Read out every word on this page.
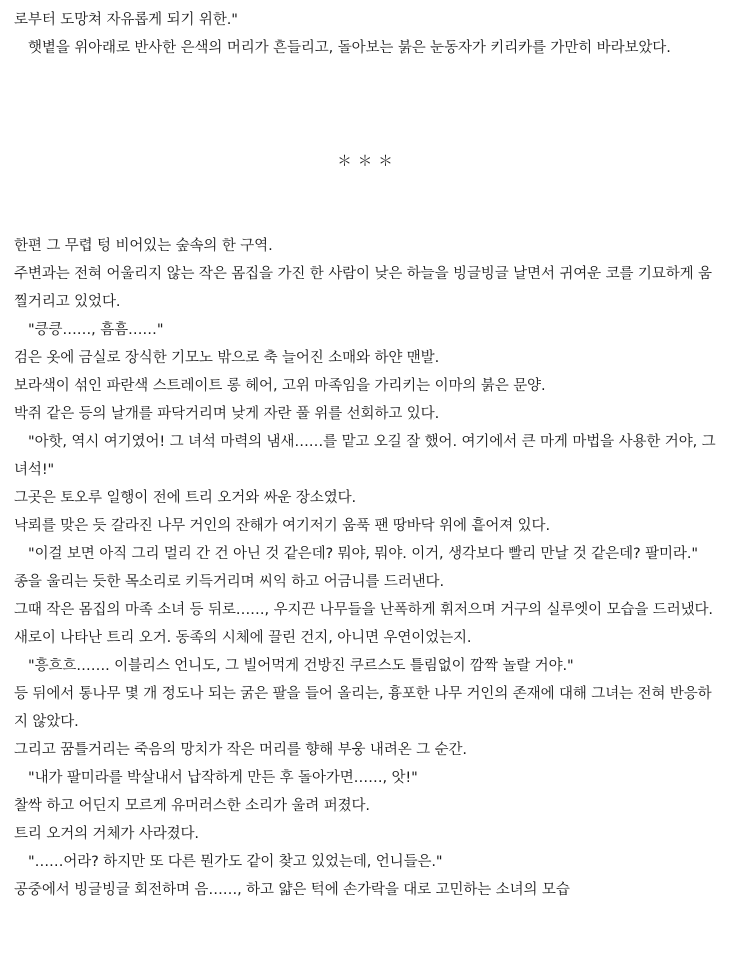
로부터 도망쳐 자유롭게 되기 위한."

햇볕을 위아래로 반사한 은색의 머리가 흔들리고, 돌아보는 붉은 눈동자가 키리카를 가만히 바라보았다.

＊＊＊

한편 그 무렵 텅 비어있는 숲속의 한 구역.

주변과는 전혀 어울리지 않는 작은 몸집을 가진 한 사람이 낮은 하늘을 빙글빙글 날면서 귀여운 코를 기묘하게 움찔거리고 있었다.

"킁킁……, 흠흠……"

검은 옷에 금실로 장식한 기모노 밖으로 축 늘어진 소매와 하얀 맨발.

보라색이 섞인 파란색 스트레이트 롱 헤어, 고위 마족임을 가리키는 이마의 붉은 문양.

박쥐 같은 등의 날개를 파닥거리며 낮게 자란 풀 위를 선회하고 있다.

"아핫, 역시 여기였어! 그 녀석 마력의 냄새……를 맡고 오길 잘 했어. 여기에서 큰 마게 마법을 사용한 거야, 그 녀석!"

그곳은 토오루 일행이 전에 트리 오거와 싸운 장소였다.

낙뢰를 맞은 듯 갈라진 나무 거인의 잔해가 여기저기 움푹 팬 땅바닥 위에 흩어져 있다.

"이걸 보면 아직 그리 멀리 간 건 아닌 것 같은데? 뭐야, 뭐야. 이거, 생각보다 빨리 만날 것 같은데? 팔미라."

종을 울리는 듯한 목소리로 키득거리며 씨익 하고 어금니를 드러낸다.

그때 작은 몸집의 마족 소녀 등 뒤로……, 우지끈 나무들을 난폭하게 휘저으며 거구의 실루엣이 모습을 드러냈다.

새로이 나타난 트리 오거. 동족의 시체에 끌린 건지, 아니면 우연이었는지.

"흥흐흐……. 이블리스 언니도, 그 빌어먹게 건방진 쿠르스도 틀림없이 깜짝 놀랄 거야."

등 뒤에서 통나무 몇 개 정도나 되는 굵은 팔을 들어 올리는, 흉포한 나무 거인의 존재에 대해 그녀는 전혀 반응하지 않았다.

그리고 꿈틀거리는 죽음의 망치가 작은 머리를 향해 부웅 내려온 그 순간.

"내가 팔미라를 박살내서 납작하게 만든 후 돌아가면……, 앗!"

찰싹 하고 어딘지 모르게 유머러스한 소리가 울려 퍼졌다.

트리 오거의 거체가 사라졌다.

"……어라? 하지만 또 다른 뭔가도 같이 찾고 있었는데, 언니들은."

공중에서 빙글빙글 회전하며 음……, 하고 얇은 턱에 손가락을 대로 고민하는 소녀의 모습
